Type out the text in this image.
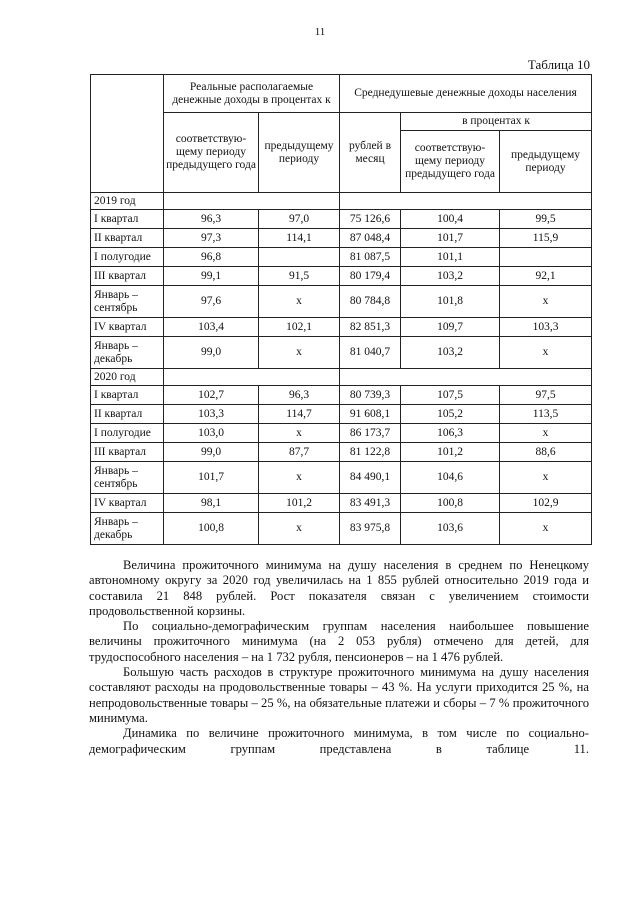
11
Таблица 10
	Реальные располагаемые денежные доходы в процентах к		Среднедушевые денежные доходы населения		
	соответствую-щему периоду предыдущего года	предыдущему периоду	рублей в месяц	в процентах к	
				соответствую-щему периоду предыдущего года	предыдущему периоду
2019 год					
I квартал	96,3	97,0	75 126,6	100,4	99,5
II квартал	97,3	114,1	87 048,4	101,7	115,9
I полугодие	96,8		81 087,5	101,1	
III квартал	99,1	91,5	80 179,4	103,2	92,1
Январь – сентябрь	97,6	x	80 784,8	101,8	x
IV квартал	103,4	102,1	82 851,3	109,7	103,3
Январь – декабрь	99,0	x	81 040,7	103,2	x
2020 год					
I квартал	102,7	96,3	80 739,3	107,5	97,5
II квартал	103,3	114,7	91 608,1	105,2	113,5
I полугодие	103,0	x	86 173,7	106,3	x
III квартал	99,0	87,7	81 122,8	101,2	88,6
Январь – сентябрь	101,7	x	84 490,1	104,6	x
IV квартал	98,1	101,2	83 491,3	100,8	102,9
Январь – декабрь	100,8	x	83 975,8	103,6	x

Величина прожиточного минимума на душу населения в среднем по Ненецкому автономному округу за 2020 год увеличилась на 1 855 рублей относительно 2019 года и составила 21 848 рублей. Рост показателя связан с увеличением стоимости продовольственной корзины.

По социально-демографическим группам населения наибольшее повышение величины прожиточного минимума (на 2 053 рубля) отмечено для детей, для трудоспособного населения – на 1 732 рубля, пенсионеров – на 1 476 рублей.

Большую часть расходов в структуре прожиточного минимума на душу населения составляют расходы на продовольственные товары – 43 %. На услуги приходится 25 %, на непродовольственные товары – 25 %, на обязательные платежи и сборы – 7 % прожиточного минимума.

Динамика по величине прожиточного минимума, в том числе по социально-демографическим группам представлена в таблице 11.
